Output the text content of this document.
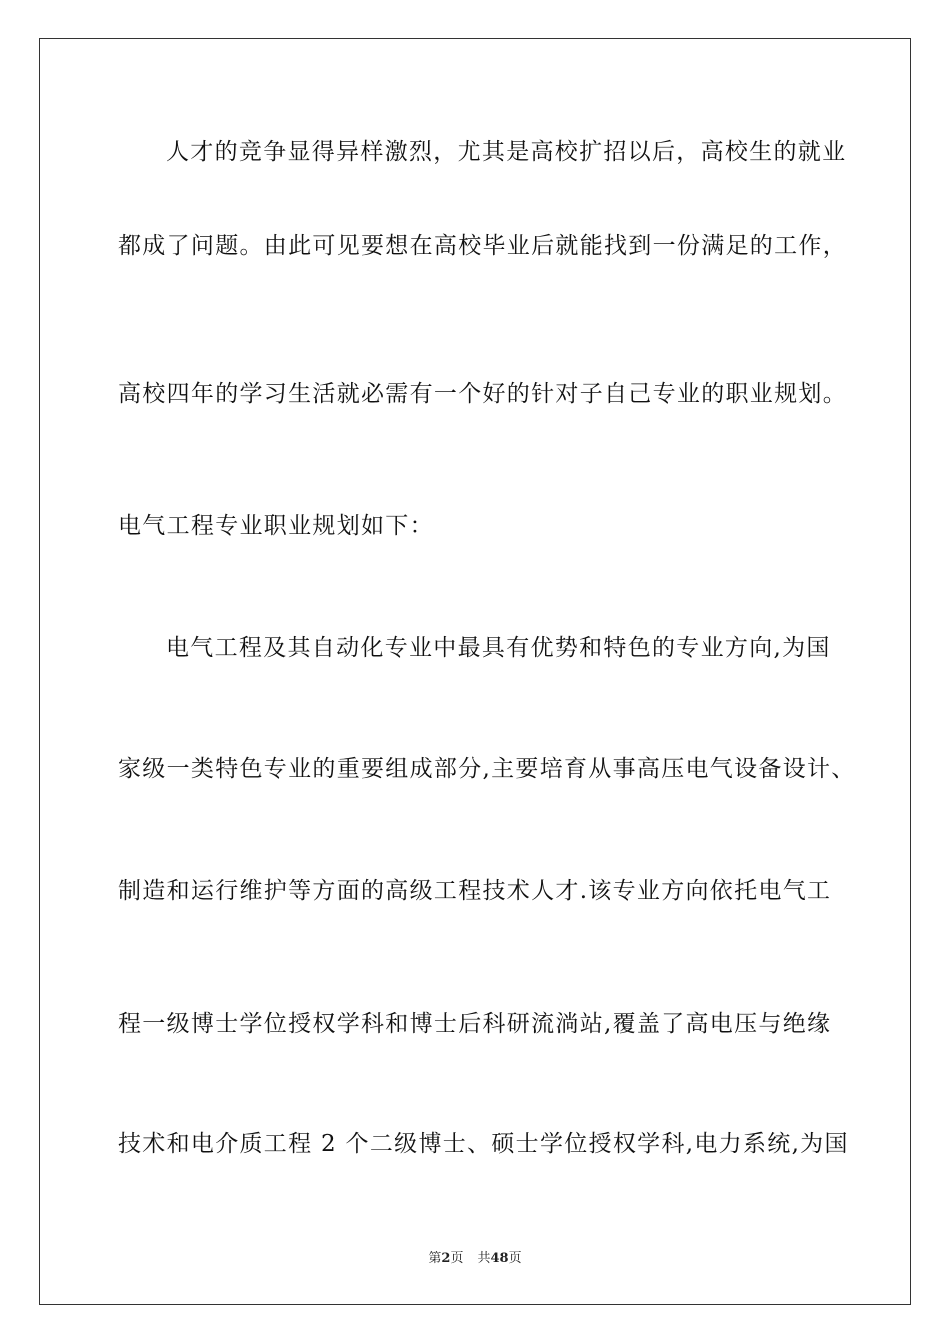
人才的竞争显得异样激烈，尤其是高校扩招以后，高校生的就业
都成了问题。由此可见要想在高校毕业后就能找到一份满足的工作，
高校四年的学习生活就必需有一个好的针对子自己专业的职业规划。
电气工程专业职业规划如下：
电气工程及其自动化专业中最具有优势和特色的专业方向,为国
家级一类特色专业的重要组成部分,主要培育从事高压电气设备设计、
制造和运行维护等方面的高级工程技术人才.该专业方向依托电气工
程一级博士学位授权学科和博士后科研流淌站,覆盖了高电压与绝缘
技术和电介质工程 2 个二级博士、硕士学位授权学科,电力系统,为国
第2页 共48页
